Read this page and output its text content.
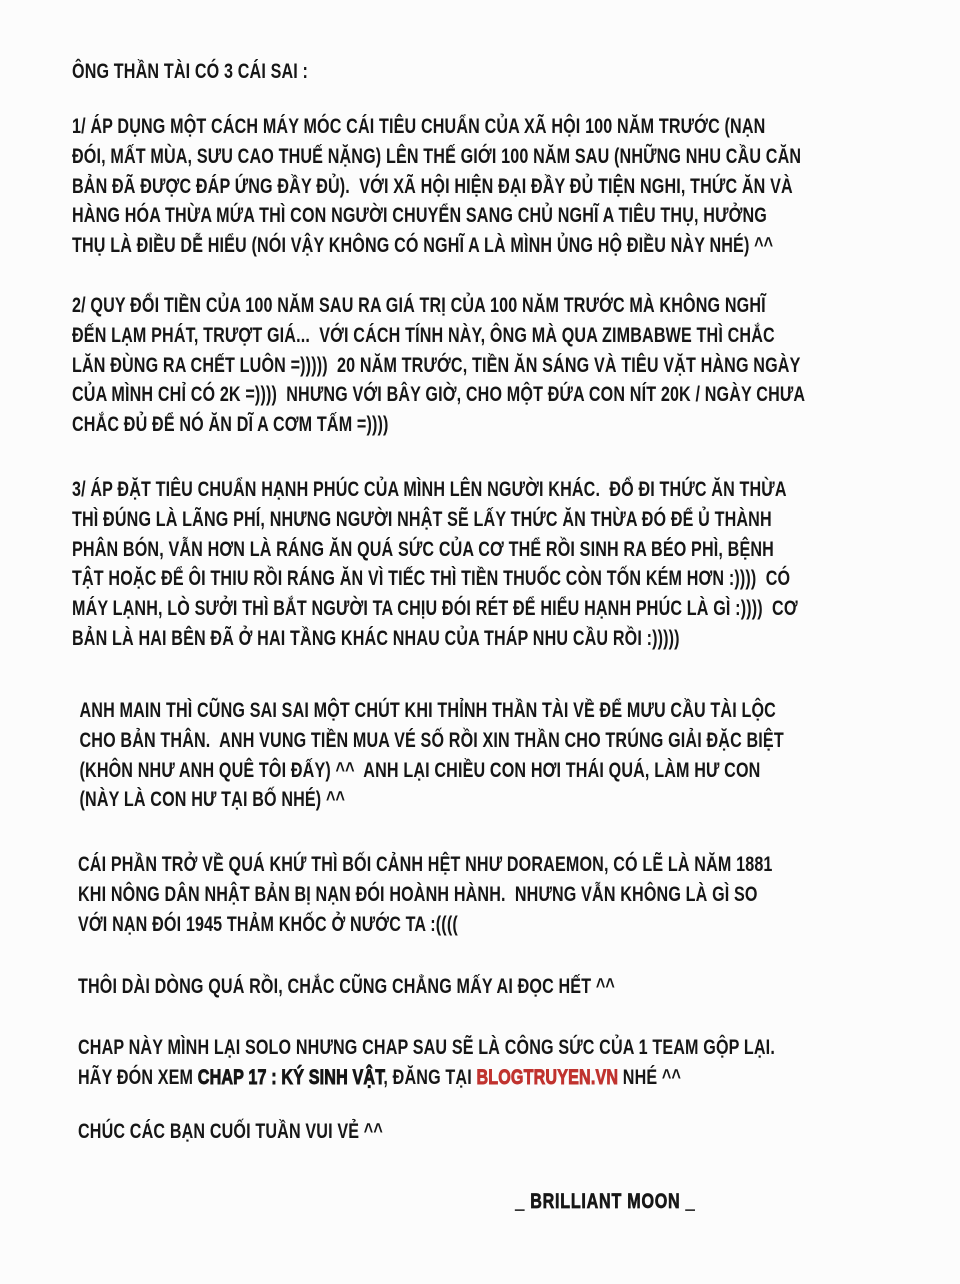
ÔNG THẦN TÀI CÓ 3 CÁI SAI :
1/ ÁP DỤNG MỘT CÁCH MÁY MÓC CÁI TIÊU CHUẨN CỦA XÃ HỘI 100 NĂM TRƯỚC (NẠN
ĐÓI, MẤT MÙA, SƯU CAO THUẾ NẶNG) LÊN THẾ GIỚI 100 NĂM SAU (NHỮNG NHU CẦU CĂN
BẢN ĐÃ ĐƯỢC ĐÁP ỨNG ĐẦY ĐỦ).  VỚI XÃ HỘI HIỆN ĐẠI ĐẦY ĐỦ TIỆN NGHI, THỨC ĂN VÀ
HÀNG HÓA THỪA MỨA THÌ CON NGƯỜI CHUYỂN SANG CHỦ NGHĨ A TIÊU THỤ, HƯỞNG
THỤ LÀ ĐIỀU DỄ HIỂU (NÓI VẬY KHÔNG CÓ NGHĨ A LÀ MÌNH ỦNG HỘ ĐIỀU NÀY NHÉ) ^^
2/ QUY ĐỔI TIỀN CỦA 100 NĂM SAU RA GIÁ TRỊ CỦA 100 NĂM TRƯỚC MÀ KHÔNG NGHĨ
ĐẾN LẠM PHÁT, TRƯỢT GIÁ...  VỚI CÁCH TÍNH NÀY, ÔNG MÀ QUA ZIMBABWE THÌ CHẮC
LĂN ĐÙNG RA CHẾT LUÔN =)))))  20 NĂM TRƯỚC, TIỀN ĂN SÁNG VÀ TIÊU VẶT HÀNG NGÀY
CỦA MÌNH CHỈ CÓ 2K =))))  NHƯNG VỚI BÂY GIỜ, CHO MỘT ĐỨA CON NÍT 20K / NGÀY CHƯA
CHẮC ĐỦ ĐỂ NÓ ĂN DĨ A CƠM TẤM =))))
3/ ÁP ĐẶT TIÊU CHUẨN HẠNH PHÚC CỦA MÌNH LÊN NGƯỜI KHÁC.  ĐỔ ĐI THỨC ĂN THỪA
THÌ ĐÚNG LÀ LÃNG PHÍ, NHƯNG NGƯỜI NHẬT SẼ LẤY THỨC ĂN THỪA ĐÓ ĐỂ Ủ THÀNH
PHÂN BÓN, VẪN HƠN LÀ RÁNG ĂN QUÁ SỨC CỦA CƠ THỂ RỒI SINH RA BÉO PHÌ, BỆNH
TẬT HOẶC ĐỂ ÔI THIU RỒI RÁNG ĂN VÌ TIẾC THÌ TIỀN THUỐC CÒN TỐN KÉM HƠN :))))  CÓ
MÁY LẠNH, LÒ SƯỞI THÌ BẮT NGƯỜI TA CHỊU ĐÓI RÉT ĐỂ HIỂU HẠNH PHÚC LÀ GÌ :))))  CƠ
BẢN LÀ HAI BÊN ĐÃ Ở HAI TẦNG KHÁC NHAU CỦA THÁP NHU CẦU RỒI :)))))
ANH MAIN THÌ CŨNG SAI SAI MỘT CHÚT KHI THỈNH THẦN TÀI VỀ ĐỂ MƯU CẦU TÀI LỘC
CHO BẢN THÂN.  ANH VUNG TIỀN MUA VÉ SỐ RỒI XIN THẦN CHO TRÚNG GIẢI ĐẶC BIỆT
(KHÔN NHƯ ANH QUÊ TÔI ĐẤY) ^^  ANH LẠI CHIỀU CON HƠI THÁI QUÁ, LÀM HƯ CON
(NÀY LÀ CON HƯ TẠI BỐ NHÉ) ^^
CÁI PHẦN TRỞ VỀ QUÁ KHỨ THÌ BỐI CẢNH HỆT NHƯ DORAEMON, CÓ LẼ LÀ NĂM 1881
KHI NÔNG DÂN NHẬT BẢN BỊ NẠN ĐÓI HOÀNH HÀNH.  NHƯNG VẪN KHÔNG LÀ GÌ SO
VỚI NẠN ĐÓI 1945 THẢM KHỐC Ở NƯỚC TA :((((
THÔI DÀI DÒNG QUÁ RỒI, CHẮC CŨNG CHẲNG MẤY AI ĐỌC HẾT ^^
CHAP NÀY MÌNH LẠI SOLO NHƯNG CHAP SAU SẼ LÀ CÔNG SỨC CỦA 1 TEAM GỘP LẠI.
HÃY ĐÓN XEM CHAP 17 : KÝ SINH VẬT, ĐĂNG TẠI BLOGTRUYEN.VN NHÉ ^^
CHÚC CÁC BẠN CUỐI TUẦN VUI VẺ ^^
_ BRILLIANT MOON _
